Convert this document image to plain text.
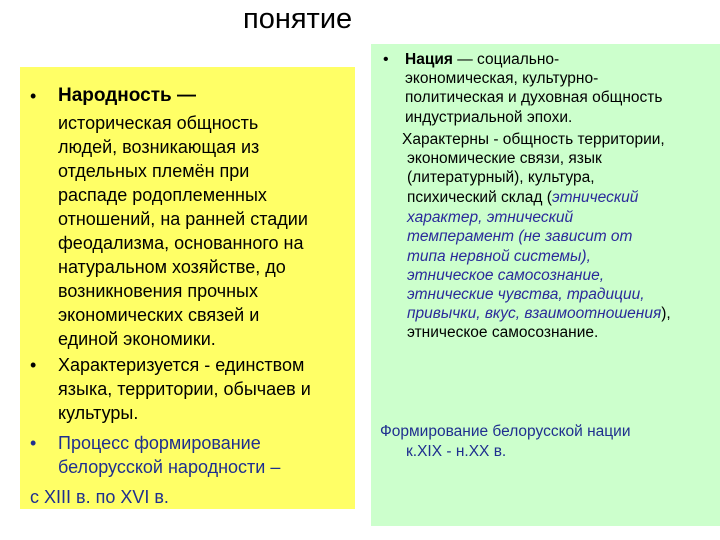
понятие
• Народность —

историческая общность

людей, возникающая из

отдельных племён при

распаде родоплеменных

отношений, на ранней стадии

феодализма, основанного на

натуральном хозяйстве, до

возникновения прочных

экономических связей и

единой экономики.

• Характеризуется - единством

языка, территории, обычаев и

культуры.

• Процесс формирование

белорусской народности –

с XIII в. по XVI в.

• Нация — социально-

экономическая, культурно-

политическая и духовная общность

индустриальной эпохи.

Характерны - общность территории,

экономические связи, язык

(литературный), культура,

психический склад (этнический

характер, этнический

темперамент (не зависит от

типа нервной системы),

этническое самосознание,

этнические чувства, традиции,

привычки, вкус, взаимоотношения),

этническое самосознание.

Формирование белорусской нации

к.XIX - н.XX в.
